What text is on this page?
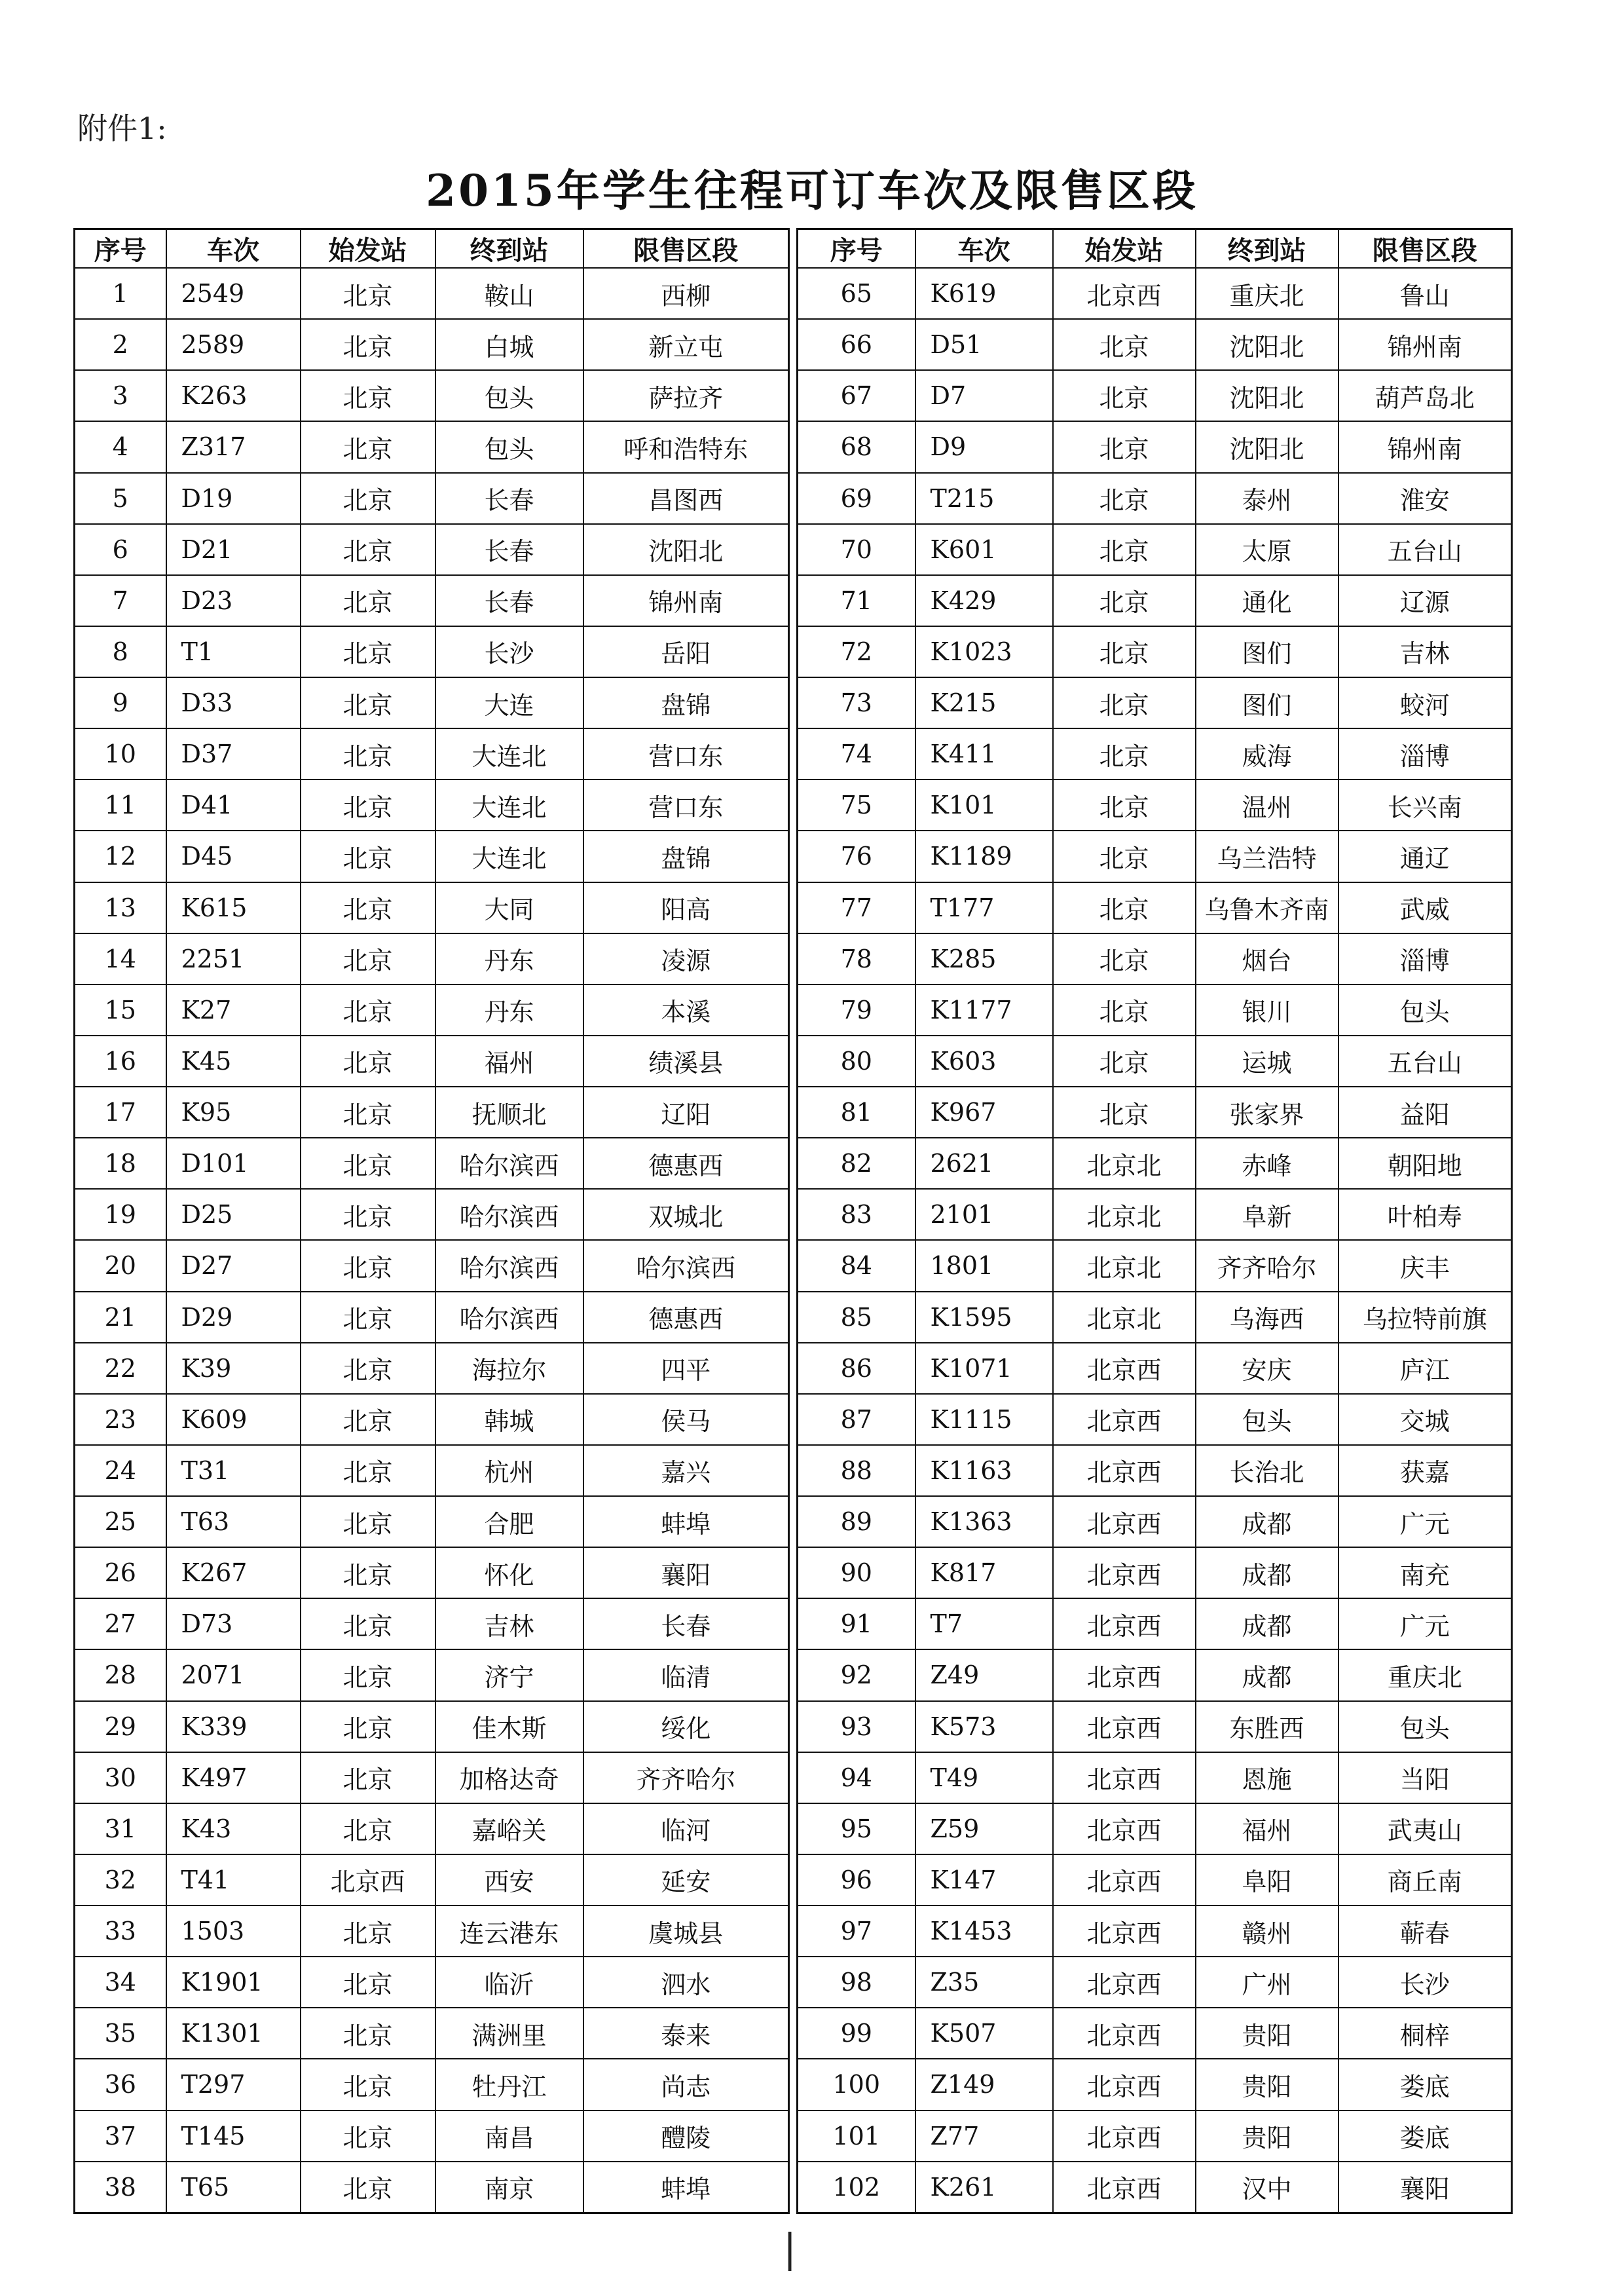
附件1:
2015年学生往程可订车次及限售区段
序号	车次	始发站	终到站	限售区段
1	2549	北京	鞍山	西柳
2	2589	北京	白城	新立屯
3	K263	北京	包头	萨拉齐
4	Z317	北京	包头	呼和浩特东
5	D19	北京	长春	昌图西
6	D21	北京	长春	沈阳北
7	D23	北京	长春	锦州南
8	T1	北京	长沙	岳阳
9	D33	北京	大连	盘锦
10	D37	北京	大连北	营口东
11	D41	北京	大连北	营口东
12	D45	北京	大连北	盘锦
13	K615	北京	大同	阳高
14	2251	北京	丹东	凌源
15	K27	北京	丹东	本溪
16	K45	北京	福州	绩溪县
17	K95	北京	抚顺北	辽阳
18	D101	北京	哈尔滨西	德惠西
19	D25	北京	哈尔滨西	双城北
20	D27	北京	哈尔滨西	哈尔滨西
21	D29	北京	哈尔滨西	德惠西
22	K39	北京	海拉尔	四平
23	K609	北京	韩城	侯马
24	T31	北京	杭州	嘉兴
25	T63	北京	合肥	蚌埠
26	K267	北京	怀化	襄阳
27	D73	北京	吉林	长春
28	2071	北京	济宁	临清
29	K339	北京	佳木斯	绥化
30	K497	北京	加格达奇	齐齐哈尔
31	K43	北京	嘉峪关	临河
32	T41	北京西	西安	延安
33	1503	北京	连云港东	虞城县
34	K1901	北京	临沂	泗水
35	K1301	北京	满洲里	泰来
36	T297	北京	牡丹江	尚志
37	T145	北京	南昌	醴陵
38	T65	北京	南京	蚌埠
序号	车次	始发站	终到站	限售区段
65	K619	北京西	重庆北	鲁山
66	D51	北京	沈阳北	锦州南
67	D7	北京	沈阳北	葫芦岛北
68	D9	北京	沈阳北	锦州南
69	T215	北京	泰州	淮安
70	K601	北京	太原	五台山
71	K429	北京	通化	辽源
72	K1023	北京	图们	吉林
73	K215	北京	图们	蛟河
74	K411	北京	威海	淄博
75	K101	北京	温州	长兴南
76	K1189	北京	乌兰浩特	通辽
77	T177	北京	乌鲁木齐南	武威
78	K285	北京	烟台	淄博
79	K1177	北京	银川	包头
80	K603	北京	运城	五台山
81	K967	北京	张家界	益阳
82	2621	北京北	赤峰	朝阳地
83	2101	北京北	阜新	叶柏寿
84	1801	北京北	齐齐哈尔	庆丰
85	K1595	北京北	乌海西	乌拉特前旗
86	K1071	北京西	安庆	庐江
87	K1115	北京西	包头	交城
88	K1163	北京西	长治北	获嘉
89	K1363	北京西	成都	广元
90	K817	北京西	成都	南充
91	T7	北京西	成都	广元
92	Z49	北京西	成都	重庆北
93	K573	北京西	东胜西	包头
94	T49	北京西	恩施	当阳
95	Z59	北京西	福州	武夷山
96	K147	北京西	阜阳	商丘南
97	K1453	北京西	赣州	蕲春
98	Z35	北京西	广州	长沙
99	K507	北京西	贵阳	桐梓
100	Z149	北京西	贵阳	娄底
101	Z77	北京西	贵阳	娄底
102	K261	北京西	汉中	襄阳
|
